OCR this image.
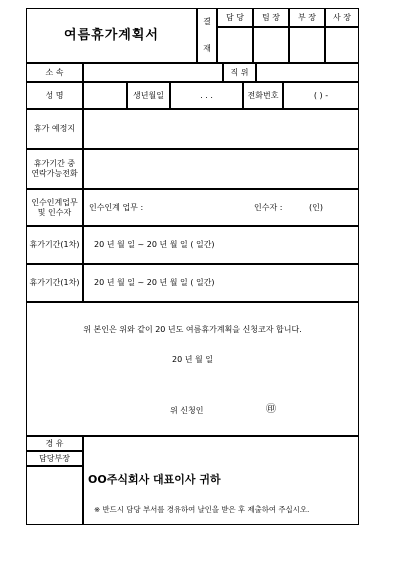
여름휴가계획서
결
재
담 당	팀 장	부 장	사 장
소 속	직 위
성 명	생년월일	. . .	전화번호	( ) -
휴가 예정지
휴가기간 중
연락가능전화
인수인계업무
및 인수자
인수인계 업무 :	인수자 :	(인)
휴가기간(1차)	20 년 월 일 ~ 20 년 월 일 ( 일간)
휴가기간(1차)	20 년 월 일 ~ 20 년 월 일 ( 일간)
위 본인은 위와 같이 20 년도 여름휴가계획을 신청코자 합니다.
20 년 월 일
위 신청인	㊞
경 유
담당부장
OO주식회사 대표이사 귀하
※ 반드시 담당 부서를 경유하여 날인을 받은 후 제출하여 주십시오.
